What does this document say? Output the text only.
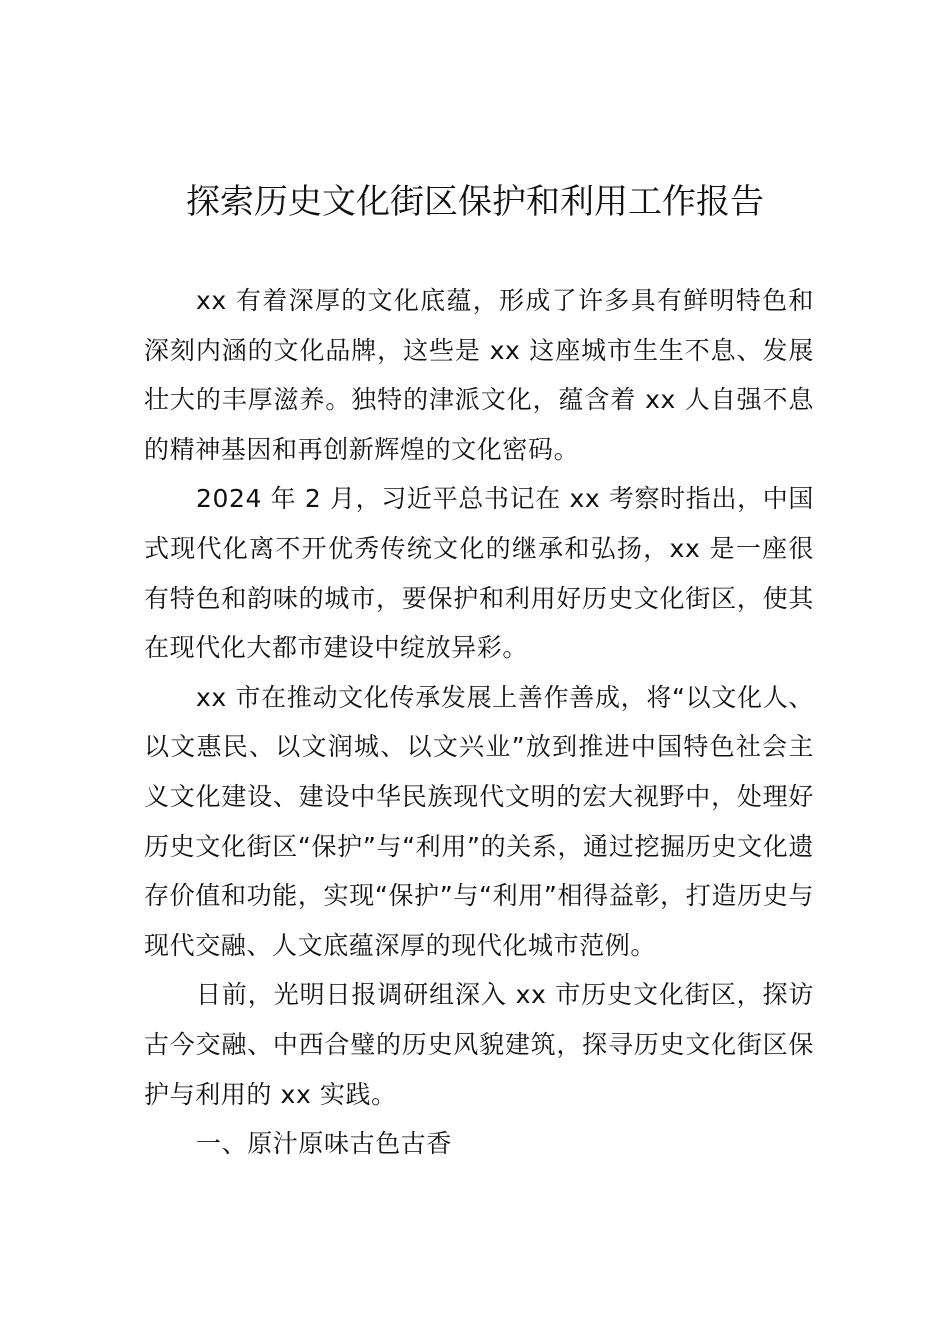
探索历史文化街区保护和利用工作报告

xx 有着深厚的文化底蕴，形成了许多具有鲜明特色和深刻内涵的文化品牌，这些是 xx 这座城市生生不息、发展壮大的丰厚滋养。独特的津派文化，蕴含着 xx 人自强不息的精神基因和再创新辉煌的文化密码。

2024 年 2 月，习近平总书记在 xx 考察时指出，中国式现代化离不开优秀传统文化的继承和弘扬，xx 是一座很有特色和韵味的城市，要保护和利用好历史文化街区，使其在现代化大都市建设中绽放异彩。

xx 市在推动文化传承发展上善作善成，将“以文化人、以文惠民、以文润城、以文兴业”放到推进中国特色社会主义文化建设、建设中华民族现代文明的宏大视野中，处理好历史文化街区“保护”与“利用”的关系，通过挖掘历史文化遗存价值和功能，实现“保护”与“利用”相得益彰，打造历史与现代交融、人文底蕴深厚的现代化城市范例。

日前，光明日报调研组深入 xx 市历史文化街区，探访古今交融、中西合璧的历史风貌建筑，探寻历史文化街区保护与利用的 xx 实践。

一、原汁原味古色古香
